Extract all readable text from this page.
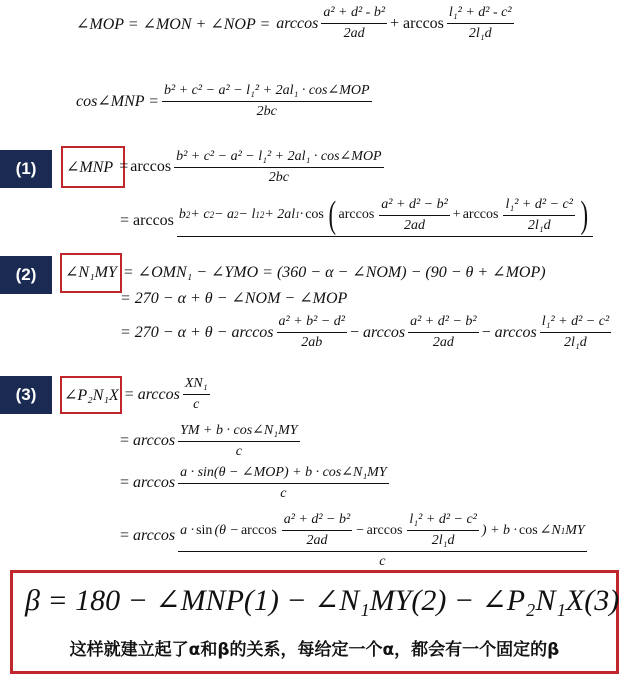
∠MOP = ∠MON + ∠NOP = $\arccos \frac{\text{a² + d² - b²}}{2ad} + \arccos \frac{\text{l₁² + d² - c²}}{\text{2l₁d}}$
cos∠MNP = $\frac{\text{b² + c² − a² − l₁² + 2al₁ · cos∠MOP}}{2bc}$
(1)	∠MNP = $\arccos \frac{\text{b² + c² − a² − l₁² + 2al₁ · cos∠MOP}}{2bc}$
= arccos b 2 + c 2 − a 2 − l 1 2 + 2al 1 · cos ( $\arccos \frac{\text{a² + d² − b²}}{2ad} + \arccos \frac{\text{l₁² + d² − c²}}{\text{2l₁d}}$ )
(2)	∠N₁MY = ∠OMN₁ − ∠YMO = (360 − α − ∠NOM) − (90 − θ + ∠MOP)
= 270 − α + θ − ∠NOM − ∠MOP
= $270 - \alpha + \theta - \arccos \frac{\text{a² + b² − d²}}{2ab} - \arccos \frac{\text{a² + d² − b²}}{2ad} - \arccos \frac{\text{l₁² + d² − c²}}{\text{2l₁d}}$
(3)	∠P₂N₁X = $\arccos \frac{\text{XN₁}}{c}$
= $\arccos \frac{\text{YM + b · cos∠N₁MY}}{c}$
= $\arccos \frac{\text{a · sin(θ − ∠MOP) + b · cos∠N₁MY}}{c}$
= $\arccos a \cdot \sin (\theta - \arccos \frac{\text{a² + d² − b²}}{2ad} - \arccos \frac{\text{l₁² + d² − c²}}{\text{2l₁d}}$ ) + b · cos ∠N 1 MY
c
β = 180 − ∠MNP(1) − ∠N₁MY(2) − ∠P₂N₁X(3)
这样就建立起了α和β的关系，每给定一个α，都会有一个固定的β
